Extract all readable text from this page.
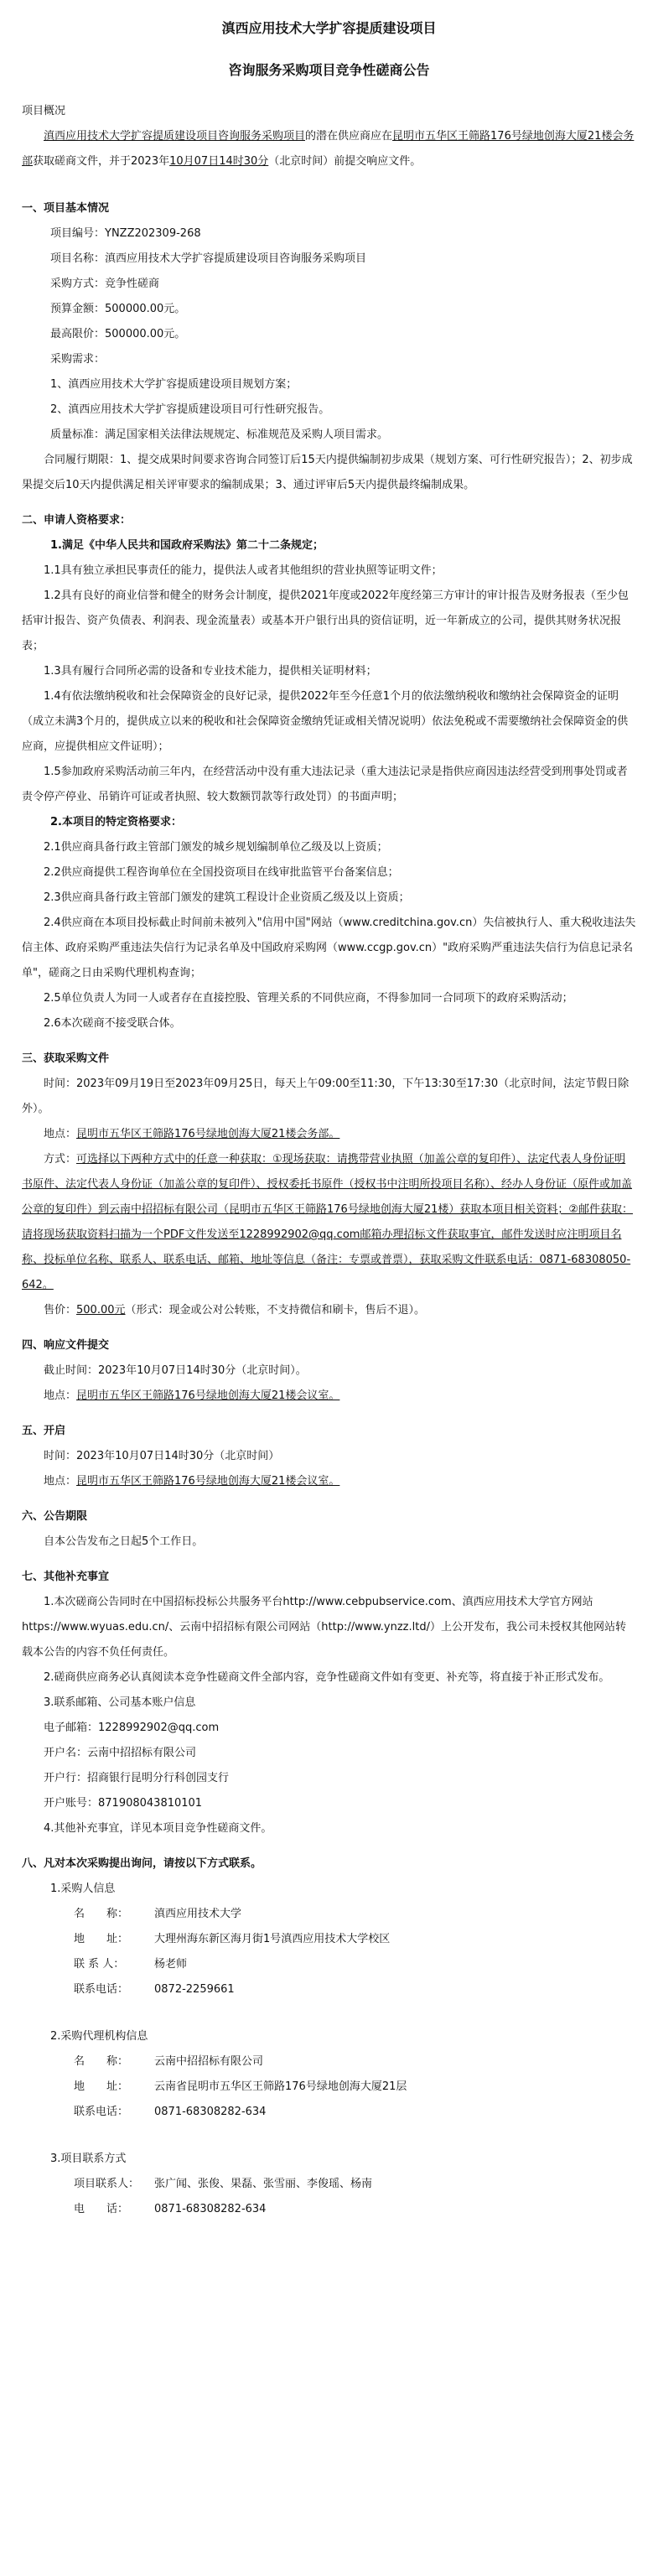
滇西应用技术大学扩容提质建设项目

咨询服务采购项目竞争性磋商公告

项目概况

滇西应用技术大学扩容提质建设项目咨询服务采购项目的潜在供应商应在昆明市五华区王筛路176号绿地创海大厦21楼会务部获取磋商文件，并于2023年10月07日14时30分（北京时间）前提交响应文件。

一、项目基本情况

项目编号：YNZZ202309-268

项目名称：滇西应用技术大学扩容提质建设项目咨询服务采购项目

采购方式：竞争性磋商

预算金额：500000.00元。

最高限价：500000.00元。

采购需求：

1、滇西应用技术大学扩容提质建设项目规划方案；

2、滇西应用技术大学扩容提质建设项目可行性研究报告。

质量标准：满足国家相关法律法规规定、标准规范及采购人项目需求。

合同履行期限：1、提交成果时间要求咨询合同签订后15天内提供编制初步成果（规划方案、可行性研究报告）；2、初步成果提交后10天内提供满足相关评审要求的编制成果；3、通过评审后5天内提供最终编制成果。

二、申请人资格要求：

1.满足《中华人民共和国政府采购法》第二十二条规定；

1.1具有独立承担民事责任的能力，提供法人或者其他组织的营业执照等证明文件；

1.2具有良好的商业信誉和健全的财务会计制度，提供2021年度或2022年度经第三方审计的审计报告及财务报表（至少包括审计报告、资产负债表、利润表、现金流量表）或基本开户银行出具的资信证明，近一年新成立的公司，提供其财务状况报表；

1.3具有履行合同所必需的设备和专业技术能力，提供相关证明材料；

1.4有依法缴纳税收和社会保障资金的良好记录，提供2022年至今任意1个月的依法缴纳税收和缴纳社会保障资金的证明（成立未满3个月的，提供成立以来的税收和社会保障资金缴纳凭证或相关情况说明）依法免税或不需要缴纳社会保障资金的供应商，应提供相应文件证明）；

1.5参加政府采购活动前三年内，在经营活动中没有重大违法记录（重大违法记录是指供应商因违法经营受到刑事处罚或者责令停产停业、吊销许可证或者执照、较大数额罚款等行政处罚）的书面声明；

2.本项目的特定资格要求：

2.1供应商具备行政主管部门颁发的城乡规划编制单位乙级及以上资质；

2.2供应商提供工程咨询单位在全国投资项目在线审批监管平台备案信息；

2.3供应商具备行政主管部门颁发的建筑工程设计企业资质乙级及以上资质；

2.4供应商在本项目投标截止时间前未被列入"信用中国"网站（www.creditchina.gov.cn）失信被执行人、重大税收违法失信主体、政府采购严重违法失信行为记录名单及中国政府采购网（www.ccgp.gov.cn）"政府采购严重违法失信行为信息记录名单"，磋商之日由采购代理机构查询；

2.5单位负责人为同一人或者存在直接控股、管理关系的不同供应商，不得参加同一合同项下的政府采购活动；

2.6本次磋商不接受联合体。

三、获取采购文件

时间：2023年09月19日至2023年09月25日，每天上午09:00至11:30，下午13:30至17:30（北京时间，法定节假日除外）。

地点：昆明市五华区王筛路176号绿地创海大厦21楼会务部。

方式：可选择以下两种方式中的任意一种获取：①现场获取：请携带营业执照（加盖公章的复印件）、法定代表人身份证明书原件、法定代表人身份证（加盖公章的复印件）、授权委托书原件（授权书中注明所投项目名称）、经办人身份证（原件或加盖公章的复印件）到云南中招招标有限公司（昆明市五华区王筛路176号绿地创海大厦21楼）获取本项目相关资料；②邮件获取：请将现场获取资料扫描为一个PDF文件发送至1228992902@qq.com邮箱办理招标文件获取事宜，邮件发送时应注明项目名称、投标单位名称、联系人、联系电话、邮箱、地址等信息（备注：专票或普票），获取采购文件联系电话：0871-68308050-642。

售价：500.00元（形式：现金或公对公转账，不支持微信和刷卡，售后不退）。

四、响应文件提交

截止时间：2023年10月07日14时30分（北京时间）。

地点：昆明市五华区王筛路176号绿地创海大厦21楼会议室。

五、开启

时间：2023年10月07日14时30分（北京时间）

地点：昆明市五华区王筛路176号绿地创海大厦21楼会议室。

六、公告期限

自本公告发布之日起5个工作日。

七、其他补充事宜

1.本次磋商公告同时在中国招标投标公共服务平台http://www.cebpubservice.com、滇西应用技术大学官方网站https://www.wyuas.edu.cn/、云南中招招标有限公司网站（http://www.ynzz.ltd/）上公开发布，我公司未授权其他网站转载本公告的内容不负任何责任。

2.磋商供应商务必认真阅读本竞争性磋商文件全部内容，竞争性磋商文件如有变更、补充等，将直接于补正形式发布。

3.联系邮箱、公司基本账户信息

电子邮箱：1228992902@qq.com

开户名：云南中招招标有限公司

开户行：招商银行昆明分行科创园支行

开户账号：871908043810101

4.其他补充事宜，详见本项目竞争性磋商文件。

八、凡对本次采购提出询问，请按以下方式联系。

1.采购人信息

名　　称：	滇西应用技术大学
地　　址：	大理州海东新区海月街1号滇西应用技术大学校区
联 系 人：	杨老师
联系电话：	0872-2259661

2.采购代理机构信息

名　　称：	云南中招招标有限公司
地　　址：	云南省昆明市五华区王筛路176号绿地创海大厦21层
联系电话：	0871-68308282-634

3.项目联系方式

项目联系人：	张广闻、张俊、果磊、张雪丽、李俊瑶、杨南
电　　话：	0871-68308282-634
